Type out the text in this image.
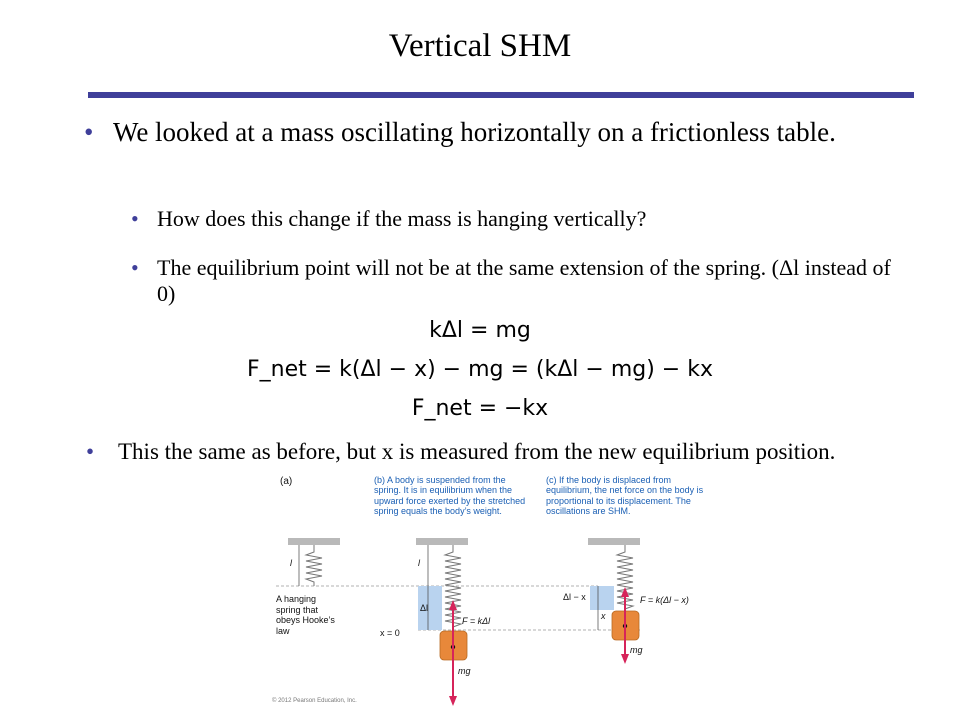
Vertical SHM
• We looked at a mass oscillating horizontally on a frictionless table.
• How does this change if the mass is hanging vertically?
• The equilibrium point will not be at the same extension of the spring. (Δl instead of 0)
kΔl = mg
F_net = k(Δl − x) − mg = (kΔl − mg) − kx
F_net = −kx
•	This the same as before, but x is measured from the new equilibrium position.
(a)	(b) A body is suspended from the spring. It is in equilibrium when the upward force exerted by the stretched spring equals the body’s weight.
(c) If the body is displaced from equilibrium, the net force on the body is proportional to its displacement. The oscillations are SHM.
l	l
Δl
Δl − x
x
A hanging spring that obeys Hooke’s law	x = 0
F = kΔl
F = k(Δl − x)
mg
mg
© 2012 Pearson Education, Inc.
